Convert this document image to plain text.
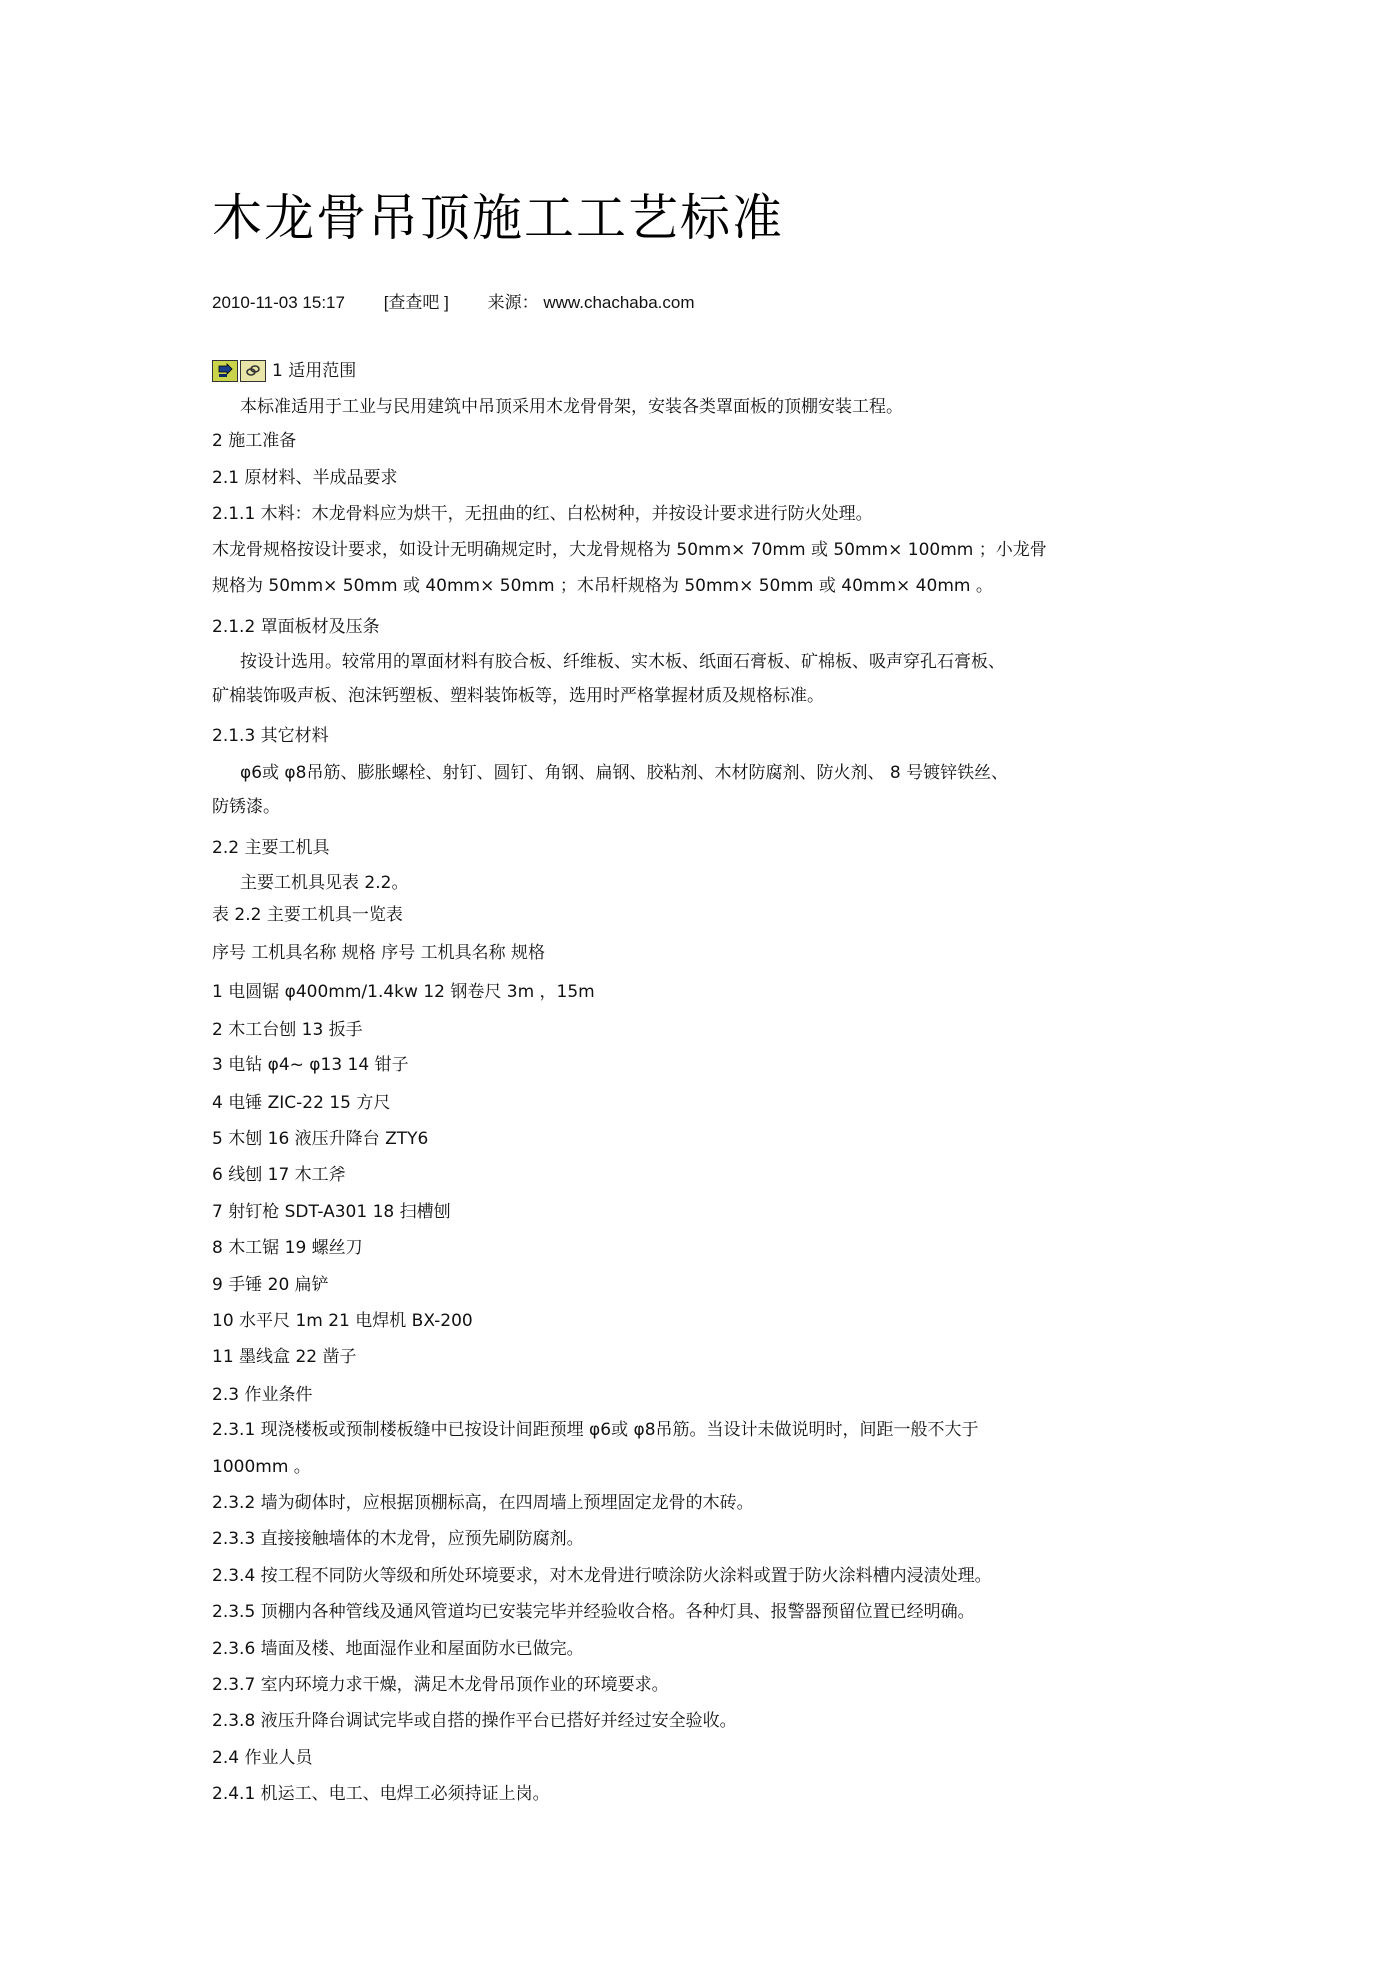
木龙骨吊顶施工工艺标准
2010-11-03 15:17 [查查吧 ] 来源： www.chachaba.com
1 适用范围
本标准适用于工业与民用建筑中吊顶采用木龙骨骨架，安装各类罩面板的顶棚安装工程。
2 施工准备
2.1 原材料、半成品要求
2.1.1 木料：木龙骨料应为烘干，无扭曲的红、白松树种，并按设计要求进行防火处理。
木龙骨规格按设计要求，如设计无明确规定时，大龙骨规格为 50mm× 70mm 或 50mm× 100mm ；小龙骨
规格为 50mm× 50mm 或 40mm× 50mm ；木吊杆规格为 50mm× 50mm 或 40mm× 40mm 。
2.1.2 罩面板材及压条
按设计选用。较常用的罩面材料有胶合板、纤维板、实木板、纸面石膏板、矿棉板、吸声穿孔石膏板、
矿棉装饰吸声板、泡沫钙塑板、塑料装饰板等，选用时严格掌握材质及规格标准。
2.1.3 其它材料
φ6或 φ8吊筋、膨胀螺栓、射钉、圆钉、角钢、扁钢、胶粘剂、木材防腐剂、防火剂、 8 号镀锌铁丝、
防锈漆。
2.2 主要工机具
主要工机具见表 2.2。
表 2.2 主要工机具一览表
序号 工机具名称 规格 序号 工机具名称 规格
1 电圆锯 φ400mm/1.4kw 12 钢卷尺 3m ，15m
2 木工台刨 13 扳手
3 电钻 φ4~ φ13 14 钳子
4 电锤 ZIC-22 15 方尺
5 木刨 16 液压升降台 ZTY6
6 线刨 17 木工斧
7 射钉枪 SDT-A301 18 扫槽刨
8 木工锯 19 螺丝刀
9 手锤 20 扁铲
10 水平尺 1m 21 电焊机 BX-200
11 墨线盒 22 凿子
2.3 作业条件
2.3.1 现浇楼板或预制楼板缝中已按设计间距预埋 φ6或 φ8吊筋。当设计未做说明时，间距一般不大于
1000mm 。
2.3.2 墙为砌体时，应根据顶棚标高，在四周墙上预埋固定龙骨的木砖。
2.3.3 直接接触墙体的木龙骨，应预先刷防腐剂。
2.3.4 按工程不同防火等级和所处环境要求，对木龙骨进行喷涂防火涂料或置于防火涂料槽内浸渍处理。
2.3.5 顶棚内各种管线及通风管道均已安装完毕并经验收合格。各种灯具、报警器预留位置已经明确。
2.3.6 墙面及楼、地面湿作业和屋面防水已做完。
2.3.7 室内环境力求干燥，满足木龙骨吊顶作业的环境要求。
2.3.8 液压升降台调试完毕或自搭的操作平台已搭好并经过安全验收。
2.4 作业人员
2.4.1 机运工、电工、电焊工必须持证上岗。
